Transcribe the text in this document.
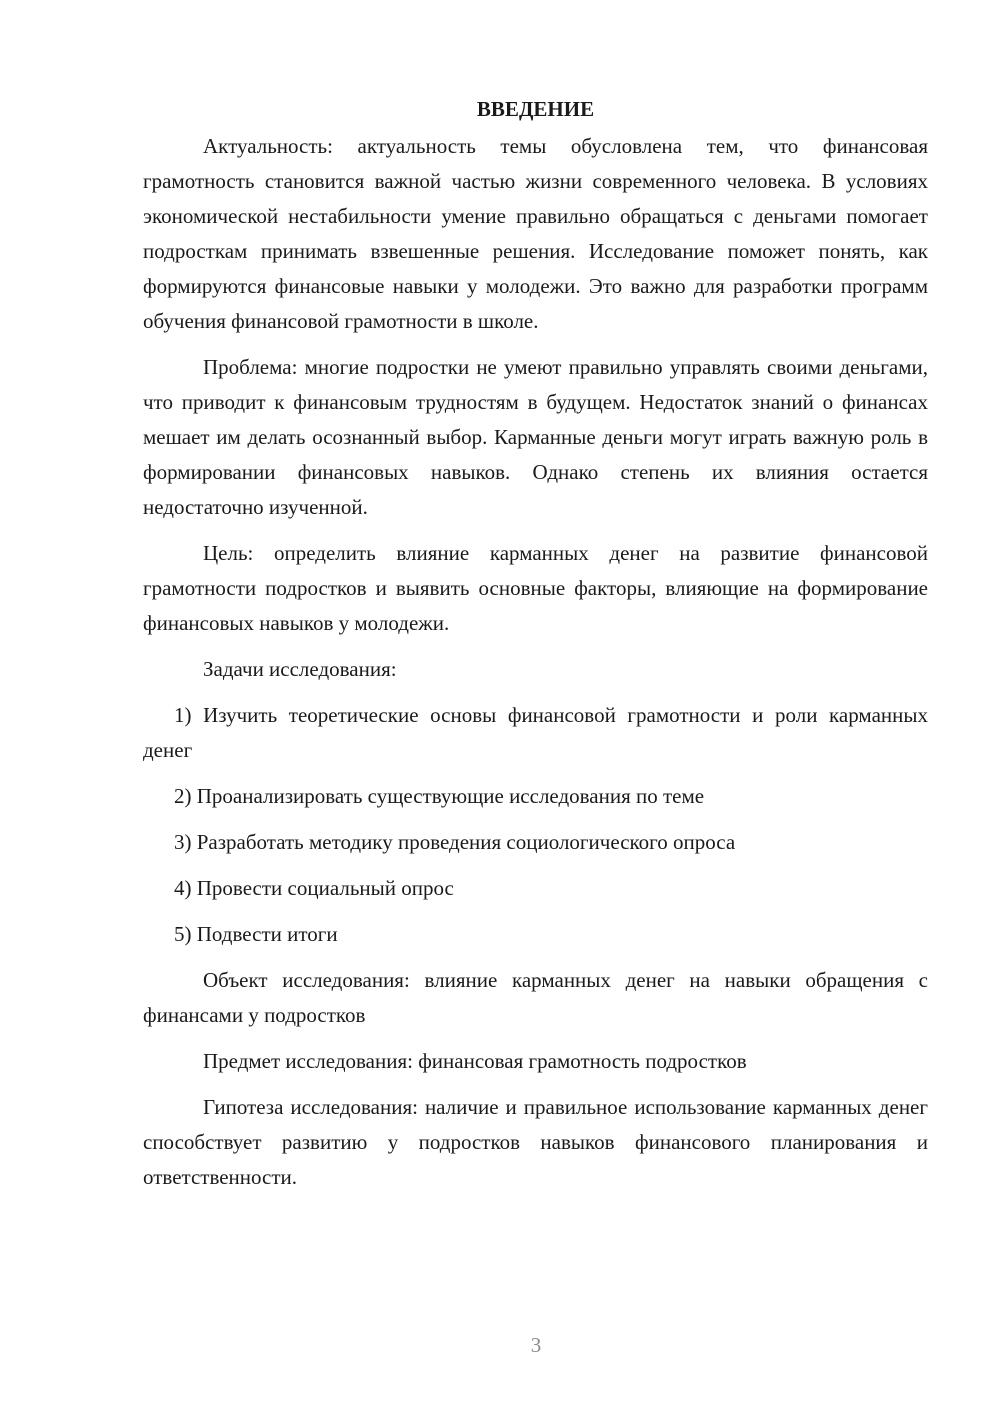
ВВЕДЕНИЕ

Актуальность: актуальность темы обусловлена тем, что финансовая грамотность становится важной частью жизни современного человека. В условиях экономической нестабильности умение правильно обращаться с деньгами помогает подросткам принимать взвешенные решения. Исследование поможет понять, как формируются финансовые навыки у молодежи. Это важно для разработки программ обучения финансовой грамотности в школе.

Проблема: многие подростки не умеют правильно управлять своими деньгами, что приводит к финансовым трудностям в будущем. Недостаток знаний о финансах мешает им делать осознанный выбор. Карманные деньги могут играть важную роль в формировании финансовых навыков. Однако степень их влияния остается недостаточно изученной.

Цель: определить влияние карманных денег на развитие финансовой грамотности подростков и выявить основные факторы, влияющие на формирование финансовых навыков у молодежи.

Задачи исследования:

1) Изучить теоретические основы финансовой грамотности и роли карманных денег

2) Проанализировать существующие исследования по теме

3) Разработать методику проведения социологического опроса

4) Провести социальный опрос

5) Подвести итоги

Объект исследования: влияние карманных денег на навыки обращения с финансами у подростков

Предмет исследования: финансовая грамотность подростков

Гипотеза исследования: наличие и правильное использование карманных денег способствует развитию у подростков навыков финансового планирования и ответственности.

3
